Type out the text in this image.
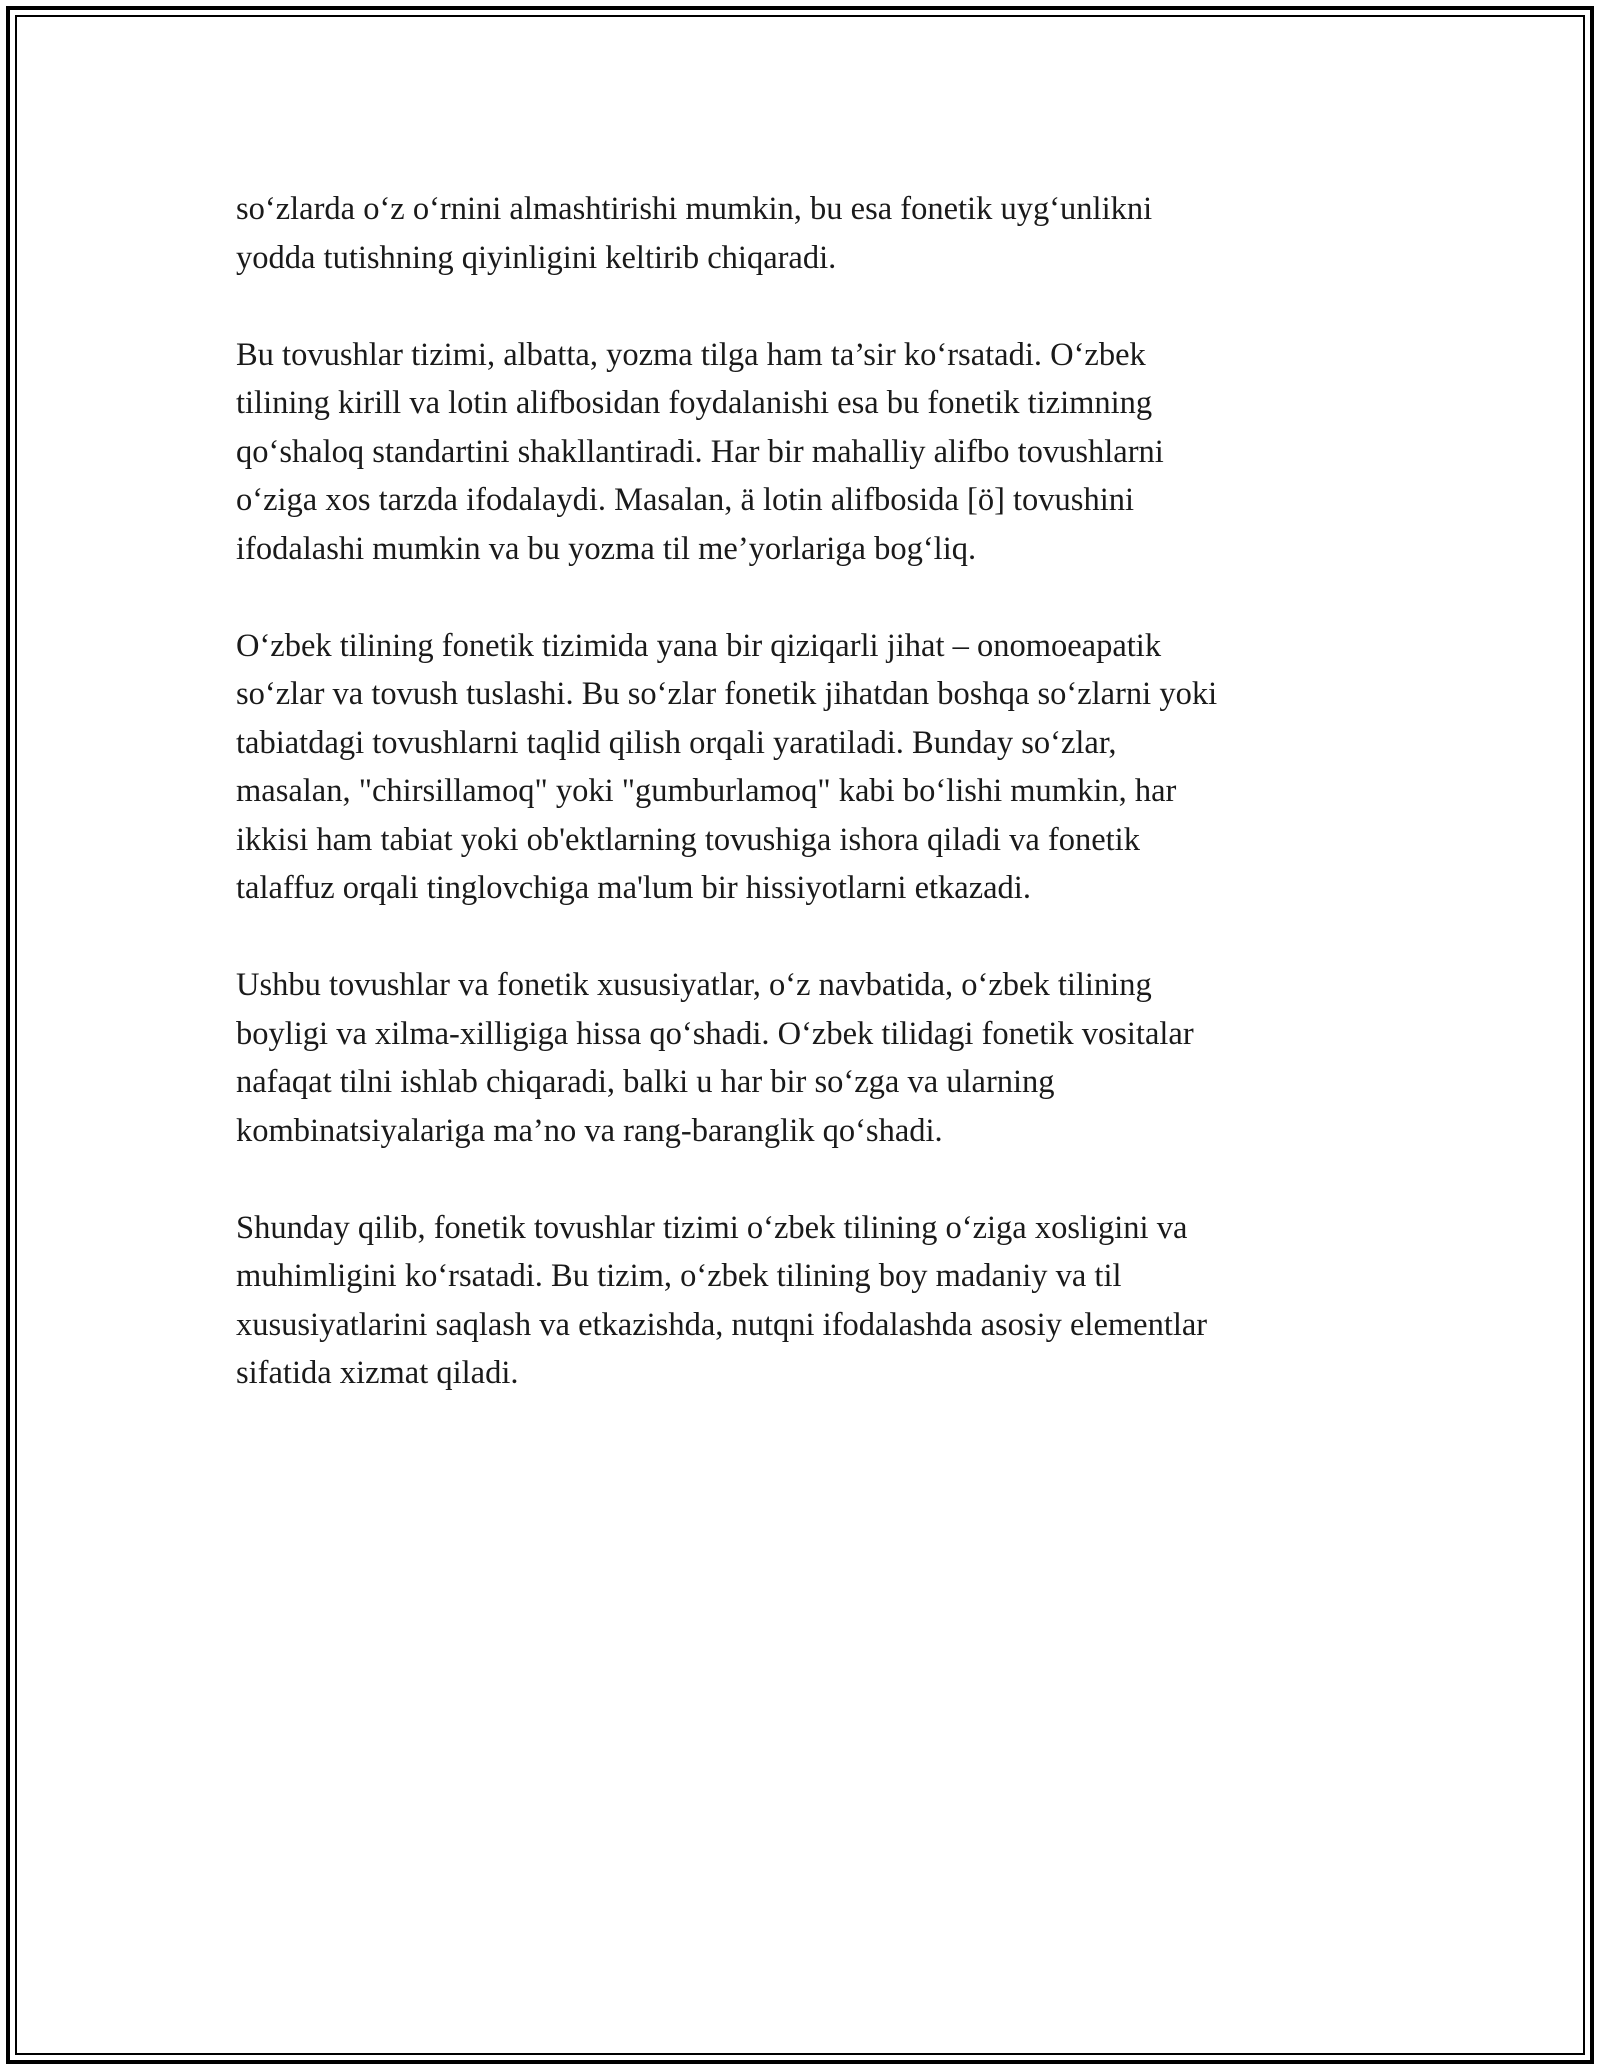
so‘zlarda o‘z o‘rnini almashtirishi mumkin, bu esa fonetik uyg‘unlikni
yodda tutishning qiyinligini keltirib chiqaradi.

Bu tovushlar tizimi, albatta, yozma tilga ham ta’sir ko‘rsatadi. O‘zbek
tilining kirill va lotin alifbosidan foydalanishi esa bu fonetik tizimning
qo‘shaloq standartini shakllantiradi. Har bir mahalliy alifbo tovushlarni
o‘ziga xos tarzda ifodalaydi. Masalan, ä lotin alifbosida [ö] tovushini
ifodalashi mumkin va bu yozma til me’yorlariga bog‘liq.

O‘zbek tilining fonetik tizimida yana bir qiziqarli jihat – onomoeapatik
so‘zlar va tovush tuslashi. Bu so‘zlar fonetik jihatdan boshqa so‘zlarni yoki
tabiatdagi tovushlarni taqlid qilish orqali yaratiladi. Bunday so‘zlar,
masalan, "chirsillamoq" yoki "gumburlamoq" kabi bo‘lishi mumkin, har
ikkisi ham tabiat yoki ob'ektlarning tovushiga ishora qiladi va fonetik
talaffuz orqali tinglovchiga ma'lum bir hissiyotlarni etkazadi.

Ushbu tovushlar va fonetik xususiyatlar, o‘z navbatida, o‘zbek tilining
boyligi va xilma-xilligiga hissa qo‘shadi. O‘zbek tilidagi fonetik vositalar
nafaqat tilni ishlab chiqaradi, balki u har bir so‘zga va ularning
kombinatsiyalariga ma’no va rang-baranglik qo‘shadi.

Shunday qilib, fonetik tovushlar tizimi o‘zbek tilining o‘ziga xosligini va
muhimligini ko‘rsatadi. Bu tizim, o‘zbek tilining boy madaniy va til
xususiyatlarini saqlash va etkazishda, nutqni ifodalashda asosiy elementlar
sifatida xizmat qiladi.
